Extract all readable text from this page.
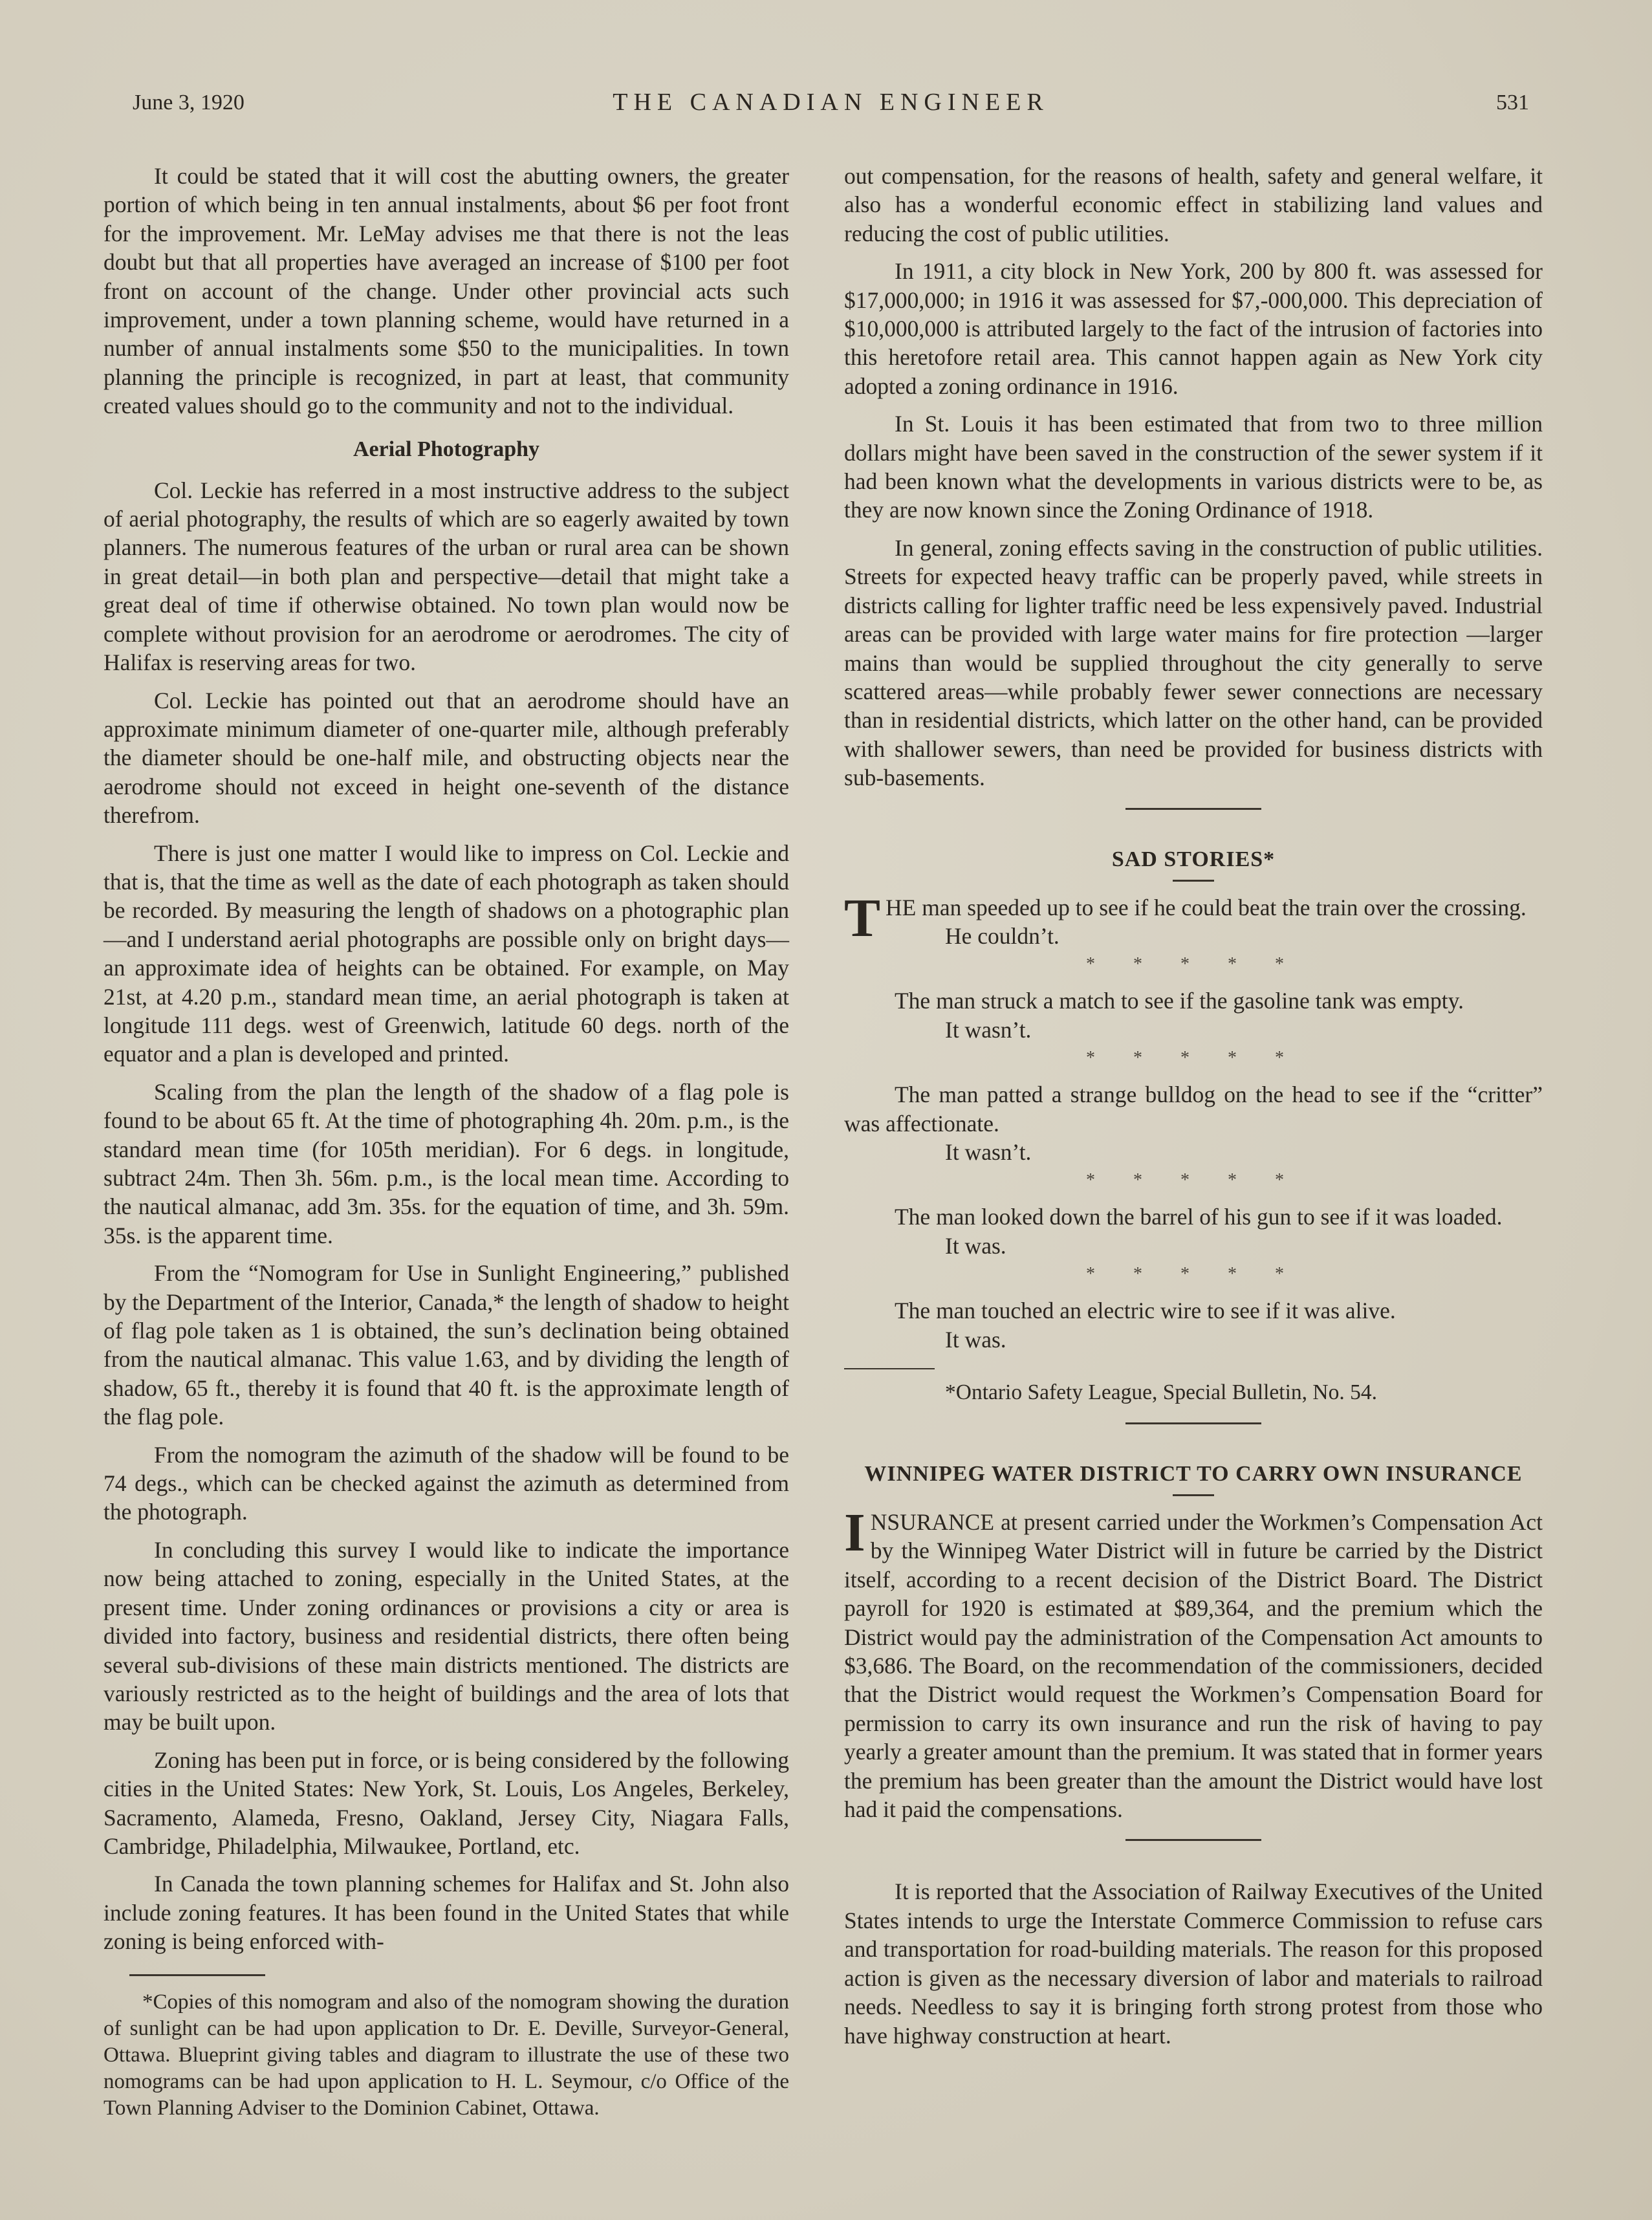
June 3, 1920	THE CANADIAN ENGINEER	531

It could be stated that it will cost the abutting owners, the greater portion of which being in ten annual instalments, about $6 per foot front for the improvement. Mr. LeMay advises me that there is not the leas doubt but that all properties have averaged an increase of $100 per foot front on account of the change. Under other provincial acts such improvement, under a town planning scheme, would have returned in a number of annual instalments some $50 to the municipalities. In town planning the principle is recognized, in part at least, that community created values should go to the community and not to the individual.

Aerial Photography

Col. Leckie has referred in a most instructive address to the subject of aerial photography, the results of which are so eagerly awaited by town planners. The numerous features of the urban or rural area can be shown in great detail—in both plan and perspective—detail that might take a great deal of time if otherwise obtained. No town plan would now be complete without provision for an aerodrome or aerodromes. The city of Halifax is reserving areas for two.

Col. Leckie has pointed out that an aerodrome should have an approximate minimum diameter of one-quarter mile, although preferably the diameter should be one-half mile, and obstructing objects near the aerodrome should not exceed in height one-seventh of the distance therefrom.

There is just one matter I would like to impress on Col. Leckie and that is, that the time as well as the date of each photograph as taken should be recorded. By measuring the length of shadows on a photographic plan—and I understand aerial photographs are possible only on bright days—an approximate idea of heights can be obtained. For example, on May 21st, at 4.20 p.m., standard mean time, an aerial photograph is taken at longitude 111 degs. west of Greenwich, latitude 60 degs. north of the equator and a plan is developed and printed.

Scaling from the plan the length of the shadow of a flag pole is found to be about 65 ft. At the time of photographing 4h. 20m. p.m., is the standard mean time (for 105th meridian). For 6 degs. in longitude, subtract 24m. Then 3h. 56m. p.m., is the local mean time. According to the nautical almanac, add 3m. 35s. for the equation of time, and 3h. 59m. 35s. is the apparent time.

From the “Nomogram for Use in Sunlight Engineering,” published by the Department of the Interior, Canada,* the length of shadow to height of flag pole taken as 1 is obtained, the sun’s declination being obtained from the nautical almanac. This value 1.63, and by dividing the length of shadow, 65 ft., thereby it is found that 40 ft. is the approximate length of the flag pole.

From the nomogram the azimuth of the shadow will be found to be 74 degs., which can be checked against the azimuth as determined from the photograph.

In concluding this survey I would like to indicate the importance now being attached to zoning, especially in the United States, at the present time. Under zoning ordinances or provisions a city or area is divided into factory, business and residential districts, there often being several sub-divisions of these main districts mentioned. The districts are variously restricted as to the height of buildings and the area of lots that may be built upon.

Zoning has been put in force, or is being considered by the following cities in the United States: New York, St. Louis, Los Angeles, Berkeley, Sacramento, Alameda, Fresno, Oakland, Jersey City, Niagara Falls, Cambridge, Philadelphia, Milwaukee, Portland, etc.

In Canada the town planning schemes for Halifax and St. John also include zoning features. It has been found in the United States that while zoning is being enforced with-

*Copies of this nomogram and also of the nomogram showing the duration of sunlight can be had upon application to Dr. E. Deville, Surveyor-General, Ottawa. Blueprint giving tables and diagram to illustrate the use of these two nomograms can be had upon application to H. L. Seymour, c/o Office of the Town Planning Adviser to the Dominion Cabinet, Ottawa.

out compensation, for the reasons of health, safety and general welfare, it also has a wonderful economic effect in stabilizing land values and reducing the cost of public utilities.

In 1911, a city block in New York, 200 by 800 ft. was assessed for $17,000,000; in 1916 it was assessed for $7,-000,000. This depreciation of $10,000,000 is attributed largely to the fact of the intrusion of factories into this heretofore retail area. This cannot happen again as New York city adopted a zoning ordinance in 1916.

In St. Louis it has been estimated that from two to three million dollars might have been saved in the construction of the sewer system if it had been known what the developments in various districts were to be, as they are now known since the Zoning Ordinance of 1918.

In general, zoning effects saving in the construction of public utilities. Streets for expected heavy traffic can be properly paved, while streets in districts calling for lighter traffic need be less expensively paved. Industrial areas can be provided with large water mains for fire protection —larger mains than would be supplied throughout the city generally to serve scattered areas—while probably fewer sewer connections are necessary than in residential districts, which latter on the other hand, can be provided with shallower sewers, than need be provided for business districts with sub-basements.

SAD STORIES*

THE man speeded up to see if he could beat the train over the crossing.

He couldn’t.

* * * * *

The man struck a match to see if the gasoline tank was empty.

It wasn’t.

* * * * *

The man patted a strange bulldog on the head to see if the “critter” was affectionate.

It wasn’t.

* * * * *

The man looked down the barrel of his gun to see if it was loaded.

It was.

* * * * *

The man touched an electric wire to see if it was alive.

It was.

*Ontario Safety League, Special Bulletin, No. 54.

WINNIPEG WATER DISTRICT TO CARRY OWN INSURANCE

INSURANCE at present carried under the Workmen’s Compensation Act by the Winnipeg Water District will in future be carried by the District itself, according to a recent decision of the District Board. The District payroll for 1920 is estimated at $89,364, and the premium which the District would pay the administration of the Compensation Act amounts to $3,686. The Board, on the recommendation of the commissioners, decided that the District would request the Workmen’s Compensation Board for permission to carry its own insurance and run the risk of having to pay yearly a greater amount than the premium. It was stated that in former years the premium has been greater than the amount the District would have lost had it paid the compensations.

It is reported that the Association of Railway Executives of the United States intends to urge the Interstate Commerce Commission to refuse cars and transportation for road-building materials. The reason for this proposed action is given as the necessary diversion of labor and materials to railroad needs. Needless to say it is bringing forth strong protest from those who have highway construction at heart.
